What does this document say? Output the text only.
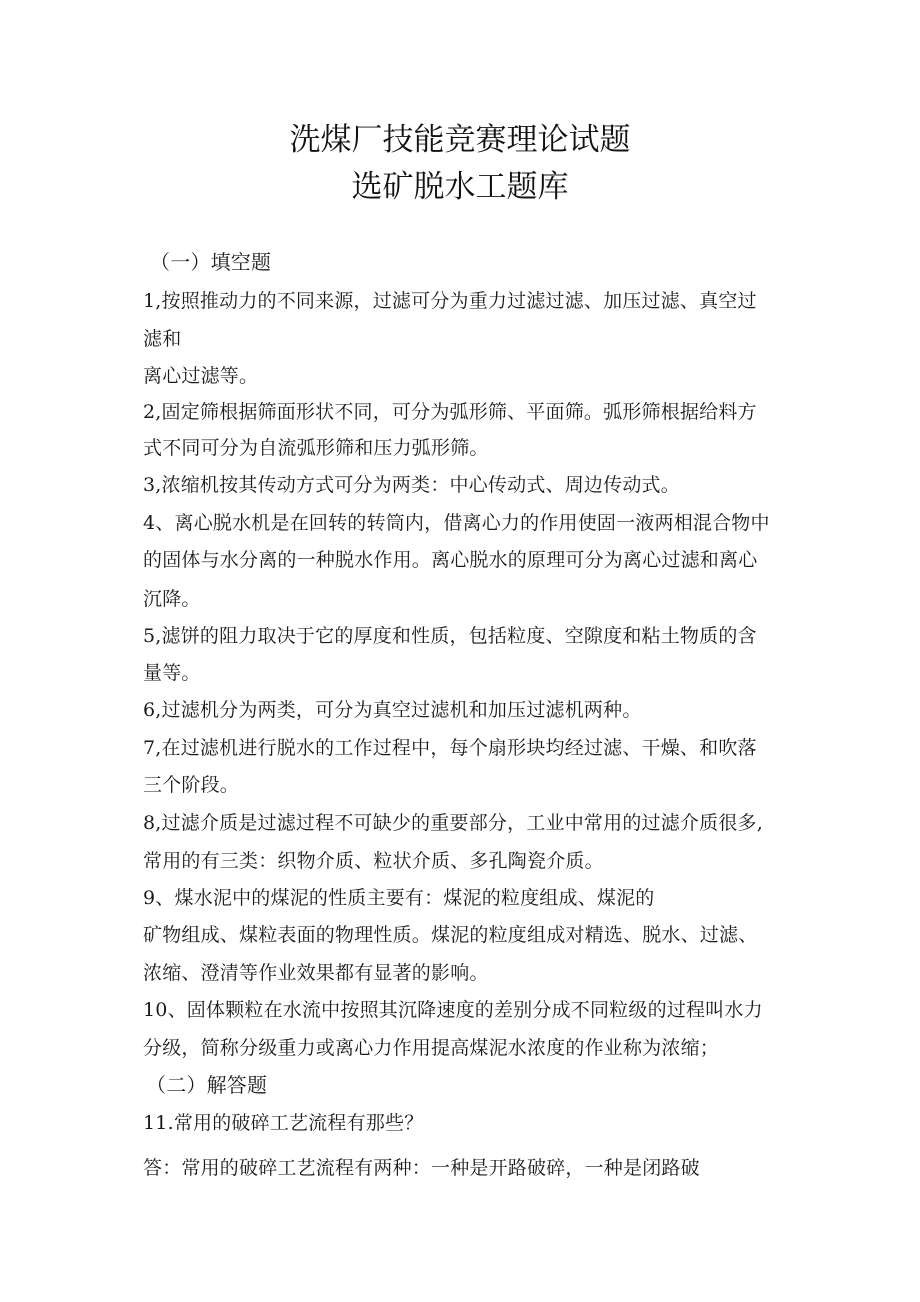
洗煤厂技能竞赛理论试题
选矿脱水工题库
（一）填空题
1,按照推动力的不同来源，过滤可分为重力过滤过滤、加压过滤、真空过
滤和
离心过滤等。
2,固定筛根据筛面形状不同，可分为弧形筛、平面筛。弧形筛根据给料方
式不同可分为自流弧形筛和压力弧形筛。
3,浓缩机按其传动方式可分为两类：中心传动式、周边传动式。
4、离心脱水机是在回转的转筒内，借离心力的作用使固一液两相混合物中
的固体与水分离的一种脱水作用。离心脱水的原理可分为离心过滤和离心
沉降。
5,滤饼的阻力取决于它的厚度和性质，包括粒度、空隙度和粘土物质的含
量等。
6,过滤机分为两类，可分为真空过滤机和加压过滤机两种。
7,在过滤机进行脱水的工作过程中，每个扇形块均经过滤、干燥、和吹落
三个阶段。
8,过滤介质是过滤过程不可缺少的重要部分，工业中常用的过滤介质很多,
常用的有三类：织物介质、粒状介质、多孔陶瓷介质。
9、煤水泥中的煤泥的性质主要有：煤泥的粒度组成、煤泥的
矿物组成、煤粒表面的物理性质。煤泥的粒度组成对精选、脱水、过滤、
浓缩、澄清等作业效果都有显著的影响。
10、固体颗粒在水流中按照其沉降速度的差别分成不同粒级的过程叫水力
分级，简称分级重力或离心力作用提高煤泥水浓度的作业称为浓缩；
（二）解答题
11.常用的破碎工艺流程有那些？
答：常用的破碎工艺流程有两种：一种是开路破碎，一种是闭路破
